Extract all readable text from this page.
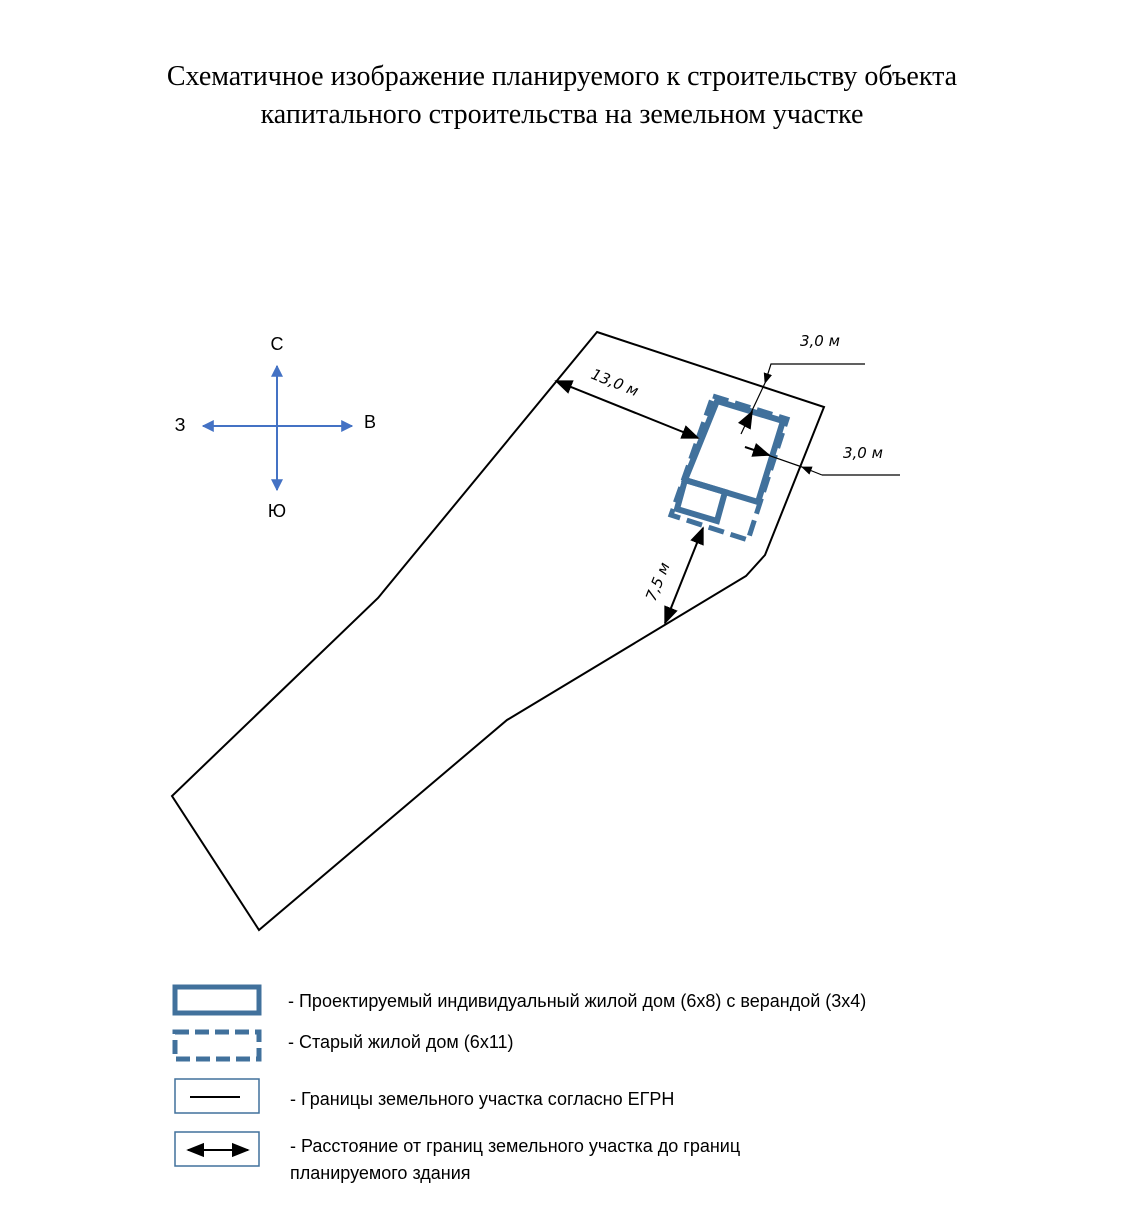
Схематичное изображение планируемого к строительству объекта
капитального строительства на земельном участке
С
Ю
З	В
13,0 м
7,5 м
3,0 м
3,0 м
- Проектируемый индивидуальный жилой дом (6х8) с верандой (3х4)
- Старый жилой дом (6х11)
- Границы земельного участка согласно ЕГРН
- Расстояние от границ земельного участка до границ
планируемого здания
